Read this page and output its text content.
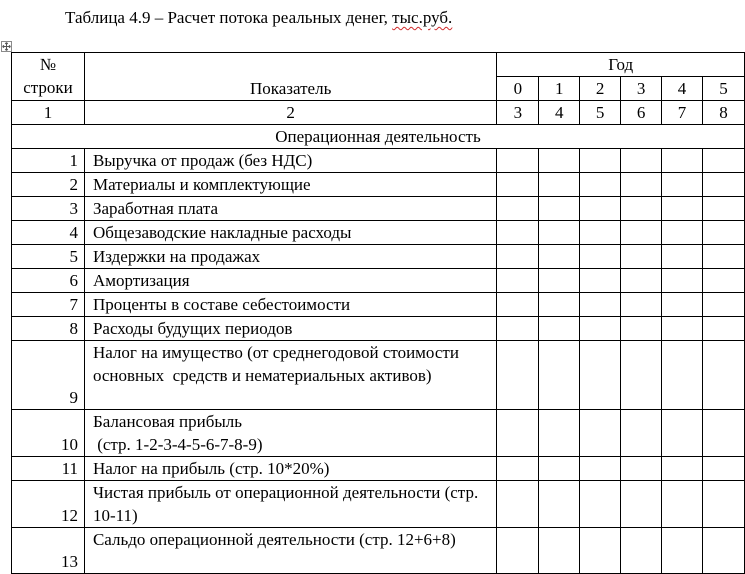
Таблица 4.9 – Расчет потока реальных денег, тыс.руб.
№
строки	Показатель	Год					
		0	1	2	3	4	5
1	2	3	4	5	6	7	8
Операционная деятельность							
1	Выручка от продаж (без НДС)						
2	Материалы и комплектующие						
3	Заработная плата						
4	Общезаводские накладные расходы						
5	Издержки на продажах						
6	Амортизация						
7	Проценты в составе себестоимости						
8	Расходы будущих периодов						
9	Налог на имущество (от среднегодовой стоимости основных  средств и нематериальных активов)						
10	Балансовая прибыль
(стр. 1-2-3-4-5-6-7-8-9)						
11	Налог на прибыль (стр. 10*20%)						
12	Чистая прибыль от операционной деятельности (стр. 10-11)						
13	Сальдо операционной деятельности (стр. 12+6+8)						
